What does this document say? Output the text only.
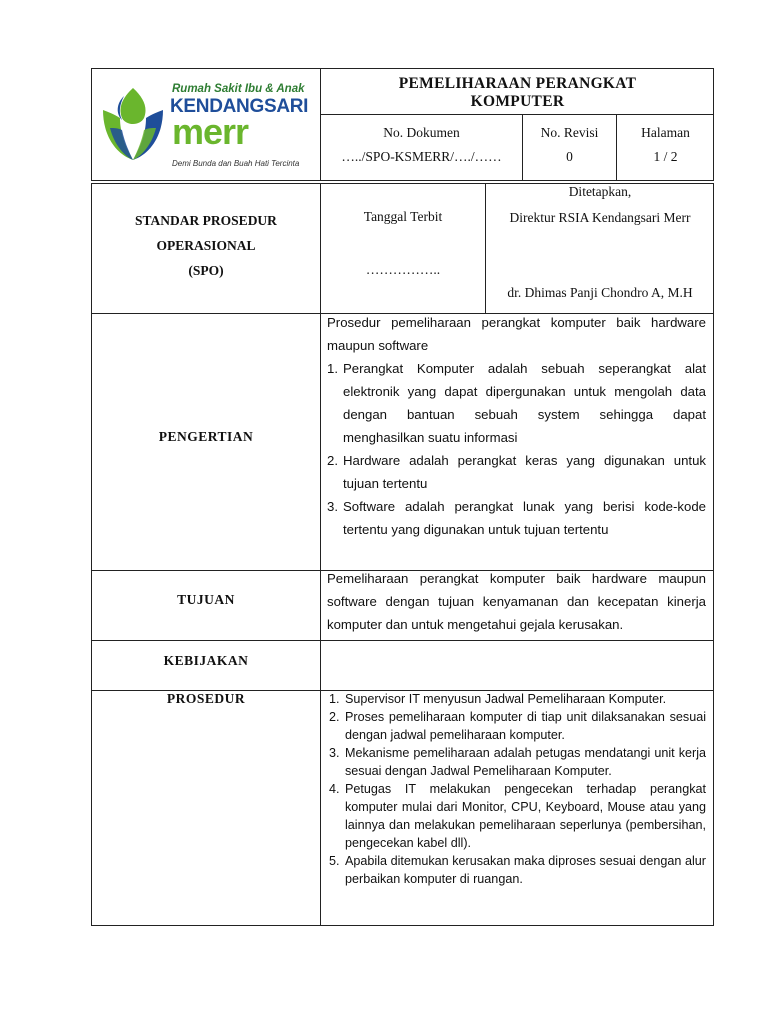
Rumah Sakit Ibu & Anak
KENDANGSARI
merr
Demi Bunda dan Buah Hati Tercinta
PEMELIHARAAN PERANGKAT
KOMPUTER
No. Dokumen
…../SPO-KSMERR/…./……
No. Revisi
0
Halaman
1 / 2
STANDAR PROSEDUR
OPERASIONAL
(SPO)
Tanggal Terbit
……………..
Ditetapkan,
Direktur RSIA Kendangsari Merr
dr. Dhimas Panji Chondro A, M.H
PENGERTIAN
Prosedur pemeliharaan perangkat komputer baik hardware maupun software
1. Perangkat Komputer adalah sebuah seperangkat alat elektronik yang dapat dipergunakan untuk mengolah data dengan bantuan sebuah system sehingga dapat menghasilkan suatu informasi
2. Hardware adalah perangkat keras yang digunakan untuk tujuan tertentu
3. Software adalah perangkat lunak yang berisi kode-kode tertentu yang digunakan untuk tujuan tertentu
TUJUAN
Pemeliharaan perangkat komputer baik hardware maupun software dengan tujuan kenyamanan dan kecepatan kinerja komputer dan untuk mengetahui gejala kerusakan.
KEBIJAKAN
PROSEDUR	1. Supervisor IT menyusun Jadwal Pemeliharaan Komputer.
2. Proses pemeliharaan komputer di tiap unit dilaksanakan sesuai dengan jadwal pemeliharaan komputer.
3. Mekanisme pemeliharaan adalah petugas mendatangi unit kerja sesuai dengan Jadwal Pemeliharaan Komputer.
4. Petugas IT melakukan pengecekan terhadap perangkat komputer mulai dari Monitor, CPU, Keyboard, Mouse atau yang lainnya dan melakukan pemeliharaan seperlunya (pembersihan, pengecekan kabel dll).
5. Apabila ditemukan kerusakan maka diproses sesuai dengan alur perbaikan komputer di ruangan.
